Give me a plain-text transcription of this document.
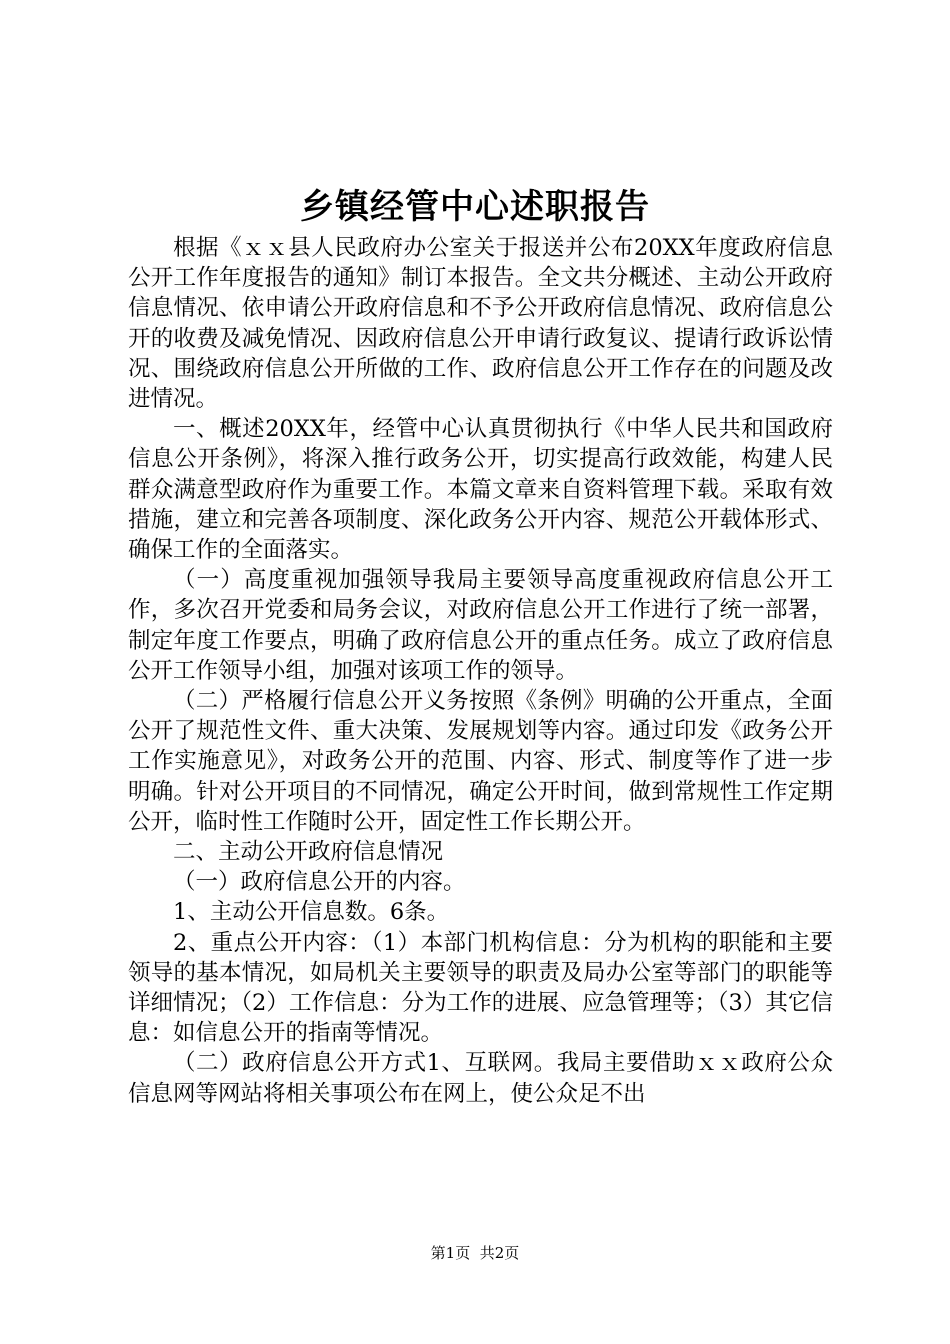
乡镇经管中心述职报告

根据《ｘｘ县人民政府办公室关于报送并公布20XX年度政府信息公开工作年度报告的通知》制订本报告。全文共分概述、主动公开政府信息情况、依申请公开政府信息和不予公开政府信息情况、政府信息公开的收费及减免情况、因政府信息公开申请行政复议、提请行政诉讼情况、围绕政府信息公开所做的工作、政府信息公开工作存在的问题及改进情况。

一、概述20XX年，经管中心认真贯彻执行《中华人民共和国政府信息公开条例》，将深入推行政务公开，切实提高行政效能，构建人民群众满意型政府作为重要工作。本篇文章来自资料管理下载。采取有效措施，建立和完善各项制度、深化政务公开内容、规范公开载体形式、确保工作的全面落实。

（一）高度重视加强领导我局主要领导高度重视政府信息公开工作，多次召开党委和局务会议，对政府信息公开工作进行了统一部署，制定年度工作要点，明确了政府信息公开的重点任务。成立了政府信息公开工作领导小组，加强对该项工作的领导。

（二）严格履行信息公开义务按照《条例》明确的公开重点，全面公开了规范性文件、重大决策、发展规划等内容。通过印发《政务公开工作实施意见》，对政务公开的范围、内容、形式、制度等作了进一步明确。针对公开项目的不同情况，确定公开时间，做到常规性工作定期公开，临时性工作随时公开，固定性工作长期公开。

二、主动公开政府信息情况

（一）政府信息公开的内容。

1、主动公开信息数。6条。

2、重点公开内容：（1）本部门机构信息：分为机构的职能和主要领导的基本情况，如局机关主要领导的职责及局办公室等部门的职能等详细情况；（2）工作信息：分为工作的进展、应急管理等；（3）其它信息：如信息公开的指南等情况。

（二）政府信息公开方式1、互联网。我局主要借助ｘｘ政府公众信息网等网站将相关事项公布在网上，使公众足不出

第1页 共2页
